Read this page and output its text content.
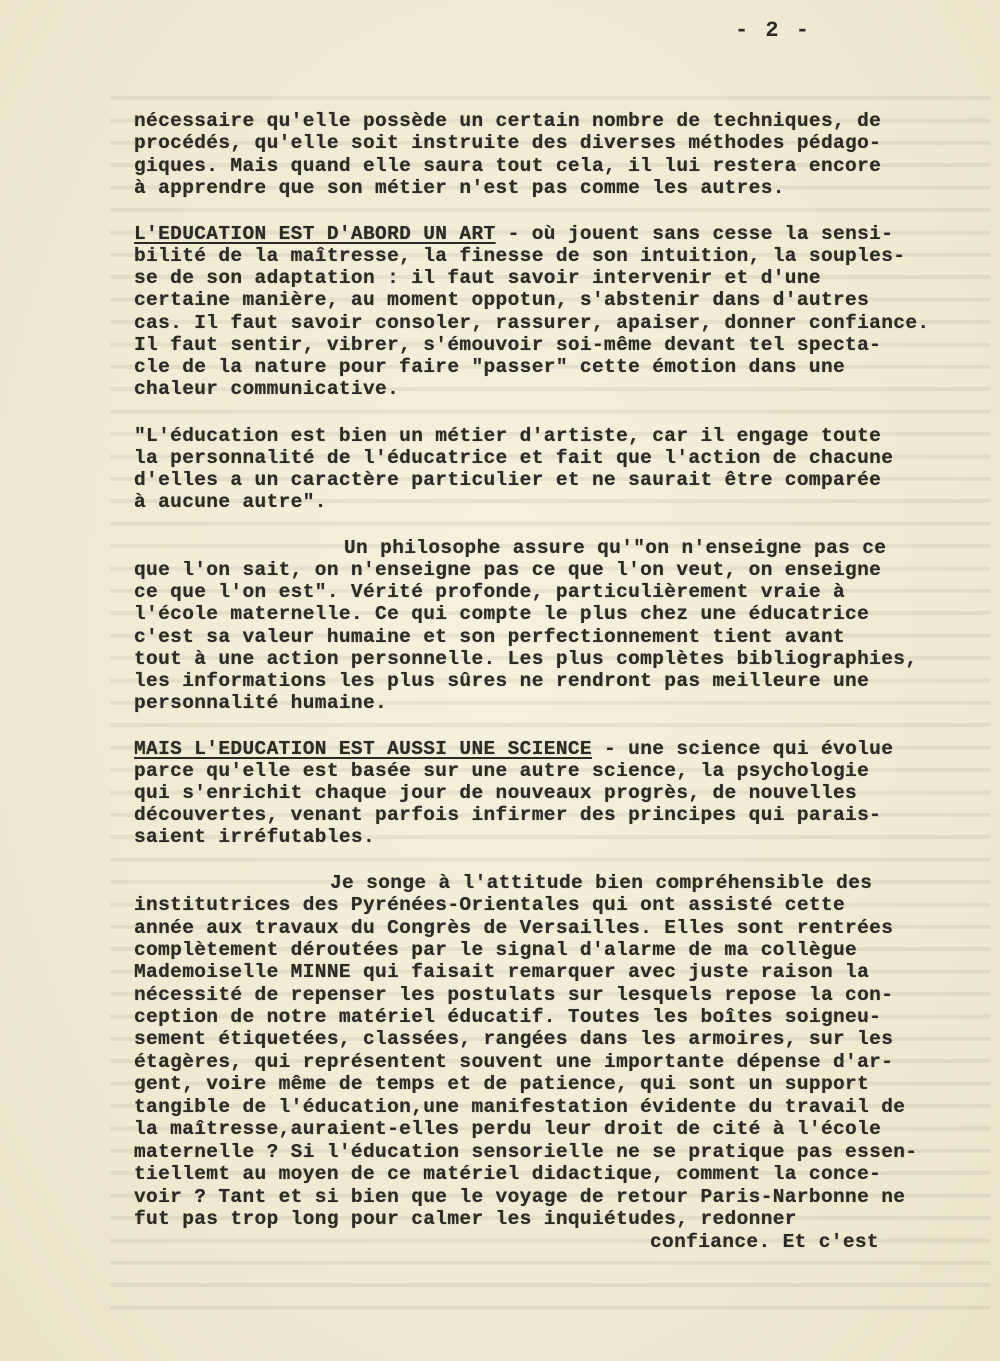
- 2 -
nécessaire qu'elle possède un certain nombre de techniques, de
procédés, qu'elle soit instruite des diverses méthodes pédago-
giques. Mais quand elle saura tout cela, il lui restera encore
à apprendre que son métier n'est pas comme les autres.
L'EDUCATION EST D'ABORD UN ART - où jouent sans cesse la sensi-
bilité de la maîtresse, la finesse de son intuition, la souples-
se de son adaptation : il faut savoir intervenir et d'une
certaine manière, au moment oppotun, s'abstenir dans d'autres
cas. Il faut savoir consoler, rassurer, apaiser, donner confiance.
Il faut sentir, vibrer, s'émouvoir soi-même devant tel specta-
cle de la nature pour faire "passer" cette émotion dans une
chaleur communicative.
"L'éducation est bien un métier d'artiste, car il engage toute
la personnalité de l'éducatrice et fait que l'action de chacune
d'elles a un caractère particulier et ne saurait être comparée
à aucune autre".
Un philosophe assure qu'"on n'enseigne pas ce
que l'on sait, on n'enseigne pas ce que l'on veut, on enseigne
ce que l'on est". Vérité profonde, particulièrement vraie à
l'école maternelle. Ce qui compte le plus chez une éducatrice
c'est sa valeur humaine et son perfectionnement tient avant
tout à une action personnelle. Les plus complètes bibliographies,
les informations les plus sûres ne rendront pas meilleure une
personnalité humaine.
MAIS L'EDUCATION EST AUSSI UNE SCIENCE - une science qui évolue
parce qu'elle est basée sur une autre science, la psychologie
qui s'enrichit chaque jour de nouveaux progrès, de nouvelles
découvertes, venant parfois infirmer des principes qui parais-
saient irréfutables.
Je songe à l'attitude bien compréhensible des
institutrices des Pyrénées-Orientales qui ont assisté cette
année aux travaux du Congrès de Versailles. Elles sont rentrées
complètement déroutées par le signal d'alarme de ma collègue
Mademoiselle MINNE qui faisait remarquer avec juste raison la
nécessité de repenser les postulats sur lesquels repose la con-
ception de notre matériel éducatif. Toutes les boîtes soigneu-
sement étiquetées, classées, rangées dans les armoires, sur les
étagères, qui représentent souvent une importante dépense d'ar-
gent, voire même de temps et de patience, qui sont un support
tangible de l'éducation,une manifestation évidente du travail de
la maîtresse,auraient-elles perdu leur droit de cité à l'école
maternelle ? Si l'éducation sensorielle ne se pratique pas essen-
tiellemt au moyen de ce matériel didactique, comment la conce-
voir ? Tant et si bien que le voyage de retour Paris-Narbonne ne
fut pas trop long pour calmer les inquiétudes, redonner
confiance. Et c'est
